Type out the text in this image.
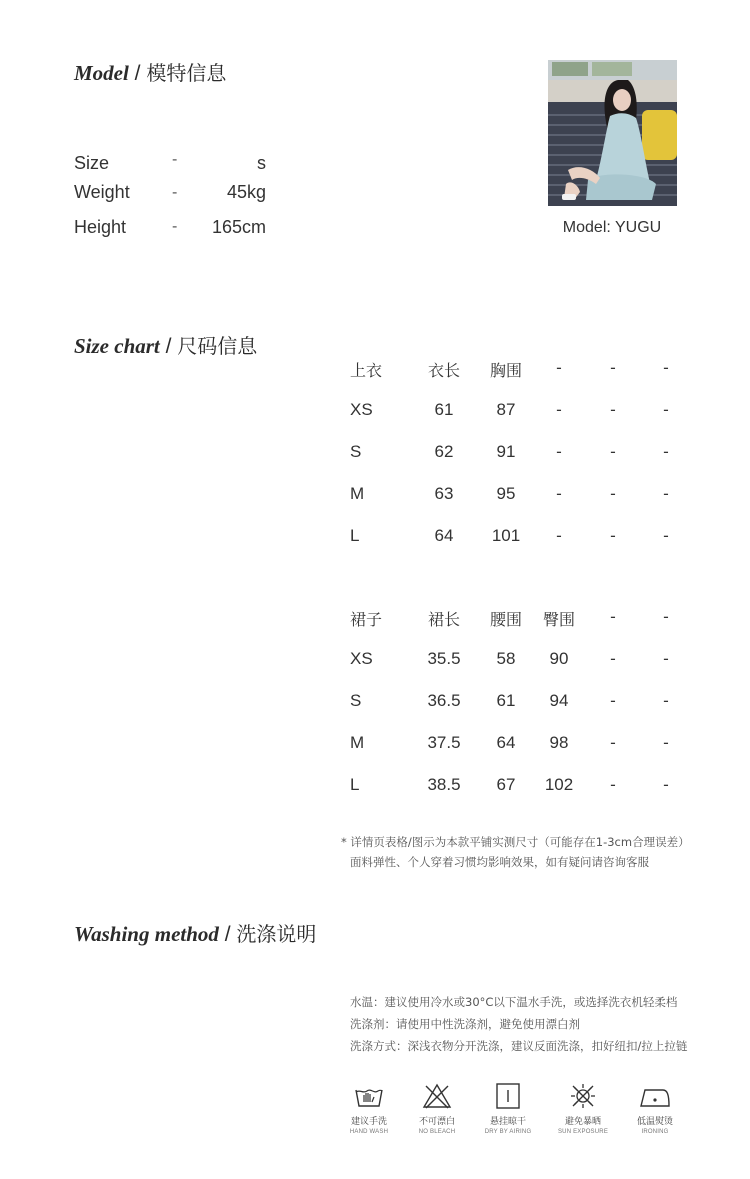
Model / 模特信息
Size	-	s
Weight	-	45kg
Height	-	165cm	Model: YUGU
Size chart / 尺码信息
上衣	衣长	胸围	-	-	-
XS	61	87	-	-	-
S	62	91	-	-	-
M	63	95	-	-	-
L	64	101	-	-	-
裙子	裙长	腰围	臀围	-	-
XS	35.5	58	90	-	-
S	36.5	61	94	-	-
M	37.5	64	98	-	-
L	38.5	67	102	-	-
* 详情页表格/图示为本款平铺实测尺寸（可能存在1-3cm合理误差）
面料弹性、个人穿着习惯均影响效果，如有疑问请咨询客服
Washing method / 洗涤说明
水温：建议使用冷水或30°C以下温水手洗，或选择洗衣机轻柔档
洗涤剂：请使用中性洗涤剂，避免使用漂白剂
洗涤方式：深浅衣物分开洗涤，建议反面洗涤，扣好纽扣/拉上拉链
建议手洗
HAND WASH
不可漂白
NO BLEACH
悬挂晾干
DRY BY AIRING
避免暴晒
SUN EXPOSURE
低温熨烫
IRONING
